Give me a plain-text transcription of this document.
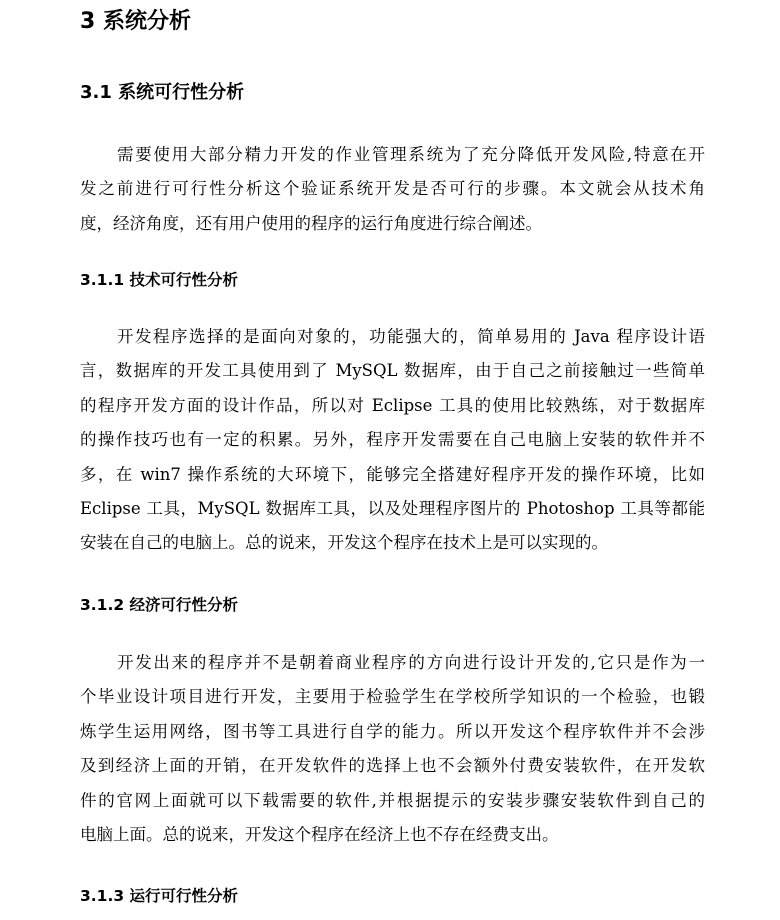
3 系统分析
3.1 系统可行性分析
需要使用大部分精力开发的作业管理系统为了充分降低开发风险,特意在开
发之前进行可行性分析这个验证系统开发是否可行的步骤。本文就会从技术角
度，经济角度，还有用户使用的程序的运行角度进行综合阐述。
3.1.1 技术可行性分析
开发程序选择的是面向对象的，功能强大的，简单易用的 Java 程序设计语
言，数据库的开发工具使用到了 MySQL 数据库，由于自己之前接触过一些简单
的程序开发方面的设计作品，所以对 Eclipse 工具的使用比较熟练，对于数据库
的操作技巧也有一定的积累。另外，程序开发需要在自己电脑上安装的软件并不
多，在 win7 操作系统的大环境下，能够完全搭建好程序开发的操作环境，比如
Eclipse 工具，MySQL 数据库工具，以及处理程序图片的 Photoshop 工具等都能
安装在自己的电脑上。总的说来，开发这个程序在技术上是可以实现的。
3.1.2 经济可行性分析
开发出来的程序并不是朝着商业程序的方向进行设计开发的,它只是作为一
个毕业设计项目进行开发，主要用于检验学生在学校所学知识的一个检验，也锻
炼学生运用网络，图书等工具进行自学的能力。所以开发这个程序软件并不会涉
及到经济上面的开销，在开发软件的选择上也不会额外付费安装软件，在开发软
件的官网上面就可以下载需要的软件,并根据提示的安装步骤安装软件到自己的
电脑上面。总的说来，开发这个程序在经济上也不存在经费支出。
3.1.3 运行可行性分析
